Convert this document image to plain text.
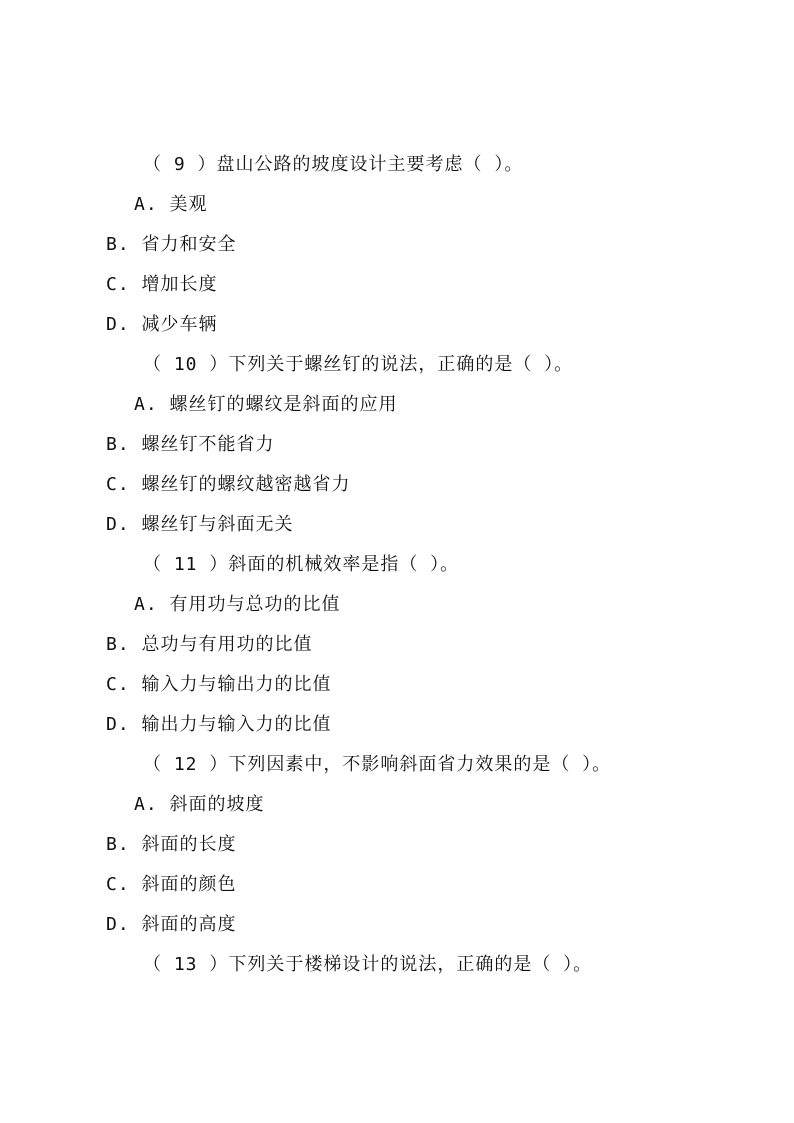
（ 9 ）盘山公路的坡度设计主要考虑（ ）。
A. 美观
B. 省力和安全
C. 增加长度
D. 减少车辆
（ 10 ）下列关于螺丝钉的说法，正确的是（ ）。
A. 螺丝钉的螺纹是斜面的应用
B. 螺丝钉不能省力
C. 螺丝钉的螺纹越密越省力
D. 螺丝钉与斜面无关
（ 11 ）斜面的机械效率是指（ ）。
A. 有用功与总功的比值
B. 总功与有用功的比值
C. 输入力与输出力的比值
D. 输出力与输入力的比值
（ 12 ）下列因素中，不影响斜面省力效果的是（ ）。
A. 斜面的坡度
B. 斜面的长度
C. 斜面的颜色
D. 斜面的高度
（ 13 ）下列关于楼梯设计的说法，正确的是（ ）。
